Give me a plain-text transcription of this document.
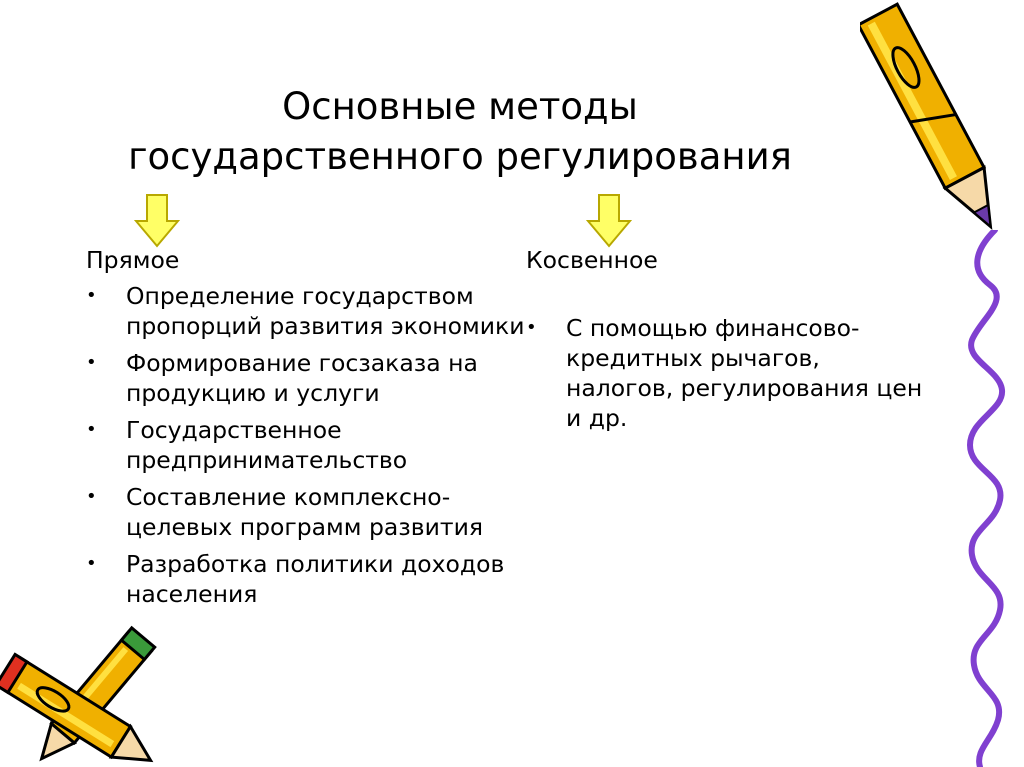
Основные методы
государственного регулирования

Прямое

• Определение государством пропорций развития экономики
• Формирование госзаказа на продукцию и услуги
• Государственное предпринимательство
• Составление комплексно-целевых программ развития
• Разработка политики доходов населения

Косвенное

• С помощью финансово-кредитных рычагов, налогов, регулирования цен и др.
